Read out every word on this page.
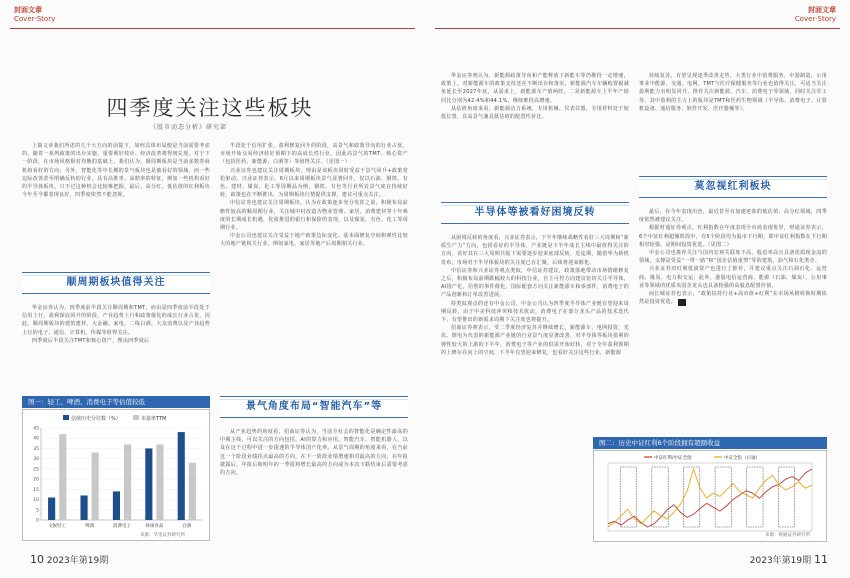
封面文章
Cover·Story
四季度关注这些板块
《股市动态分析》研究部

上篇文章我们所述的几个大方向的前提下，如何具体布局便是当前需要考虑的。随着一系列政策的出台实施，重要利好效应、经济改善将得到兑现。对于下一阶段，在市场风格相对均衡的基础上，我们认为，顺周期板块是当前多数券商机构看好的方向；另外，智能化等中长期的景气板块也是被看好的领域，而一些边际改善甚至明确反转的行业，具有高胜率、高赔率的特征，例如一些机构看好的半导体板块，只不过这种机会比较难把握，最后，高分红、低估值的红利板块今年至今都表现良好，四季度依然不能忽视。

顺周期板块值得关注

华金证券认为，四季度前半段关注顺周期和TMT，而由是四季度前半段处于信用上行、盈利探底回升的阶段，产业趋势上行和政策催化的成长行业占优，因此，顺周期板块的建筑建材、大金融、家电、二线白酒、大众消费以及产业趋势上行的电子、通信、计算机、传媒等值得关注。

四季度后半段关注TMT和核心资产，理由四季度后

图一：轻工、啤酒、消费电子等估值较低
估值历史分位数（%）	市盈率TTM
0
5
10
15
20
25
30
35
40
45
文娱轻工	啤酒	消费电子	休闲食品	白酒
来源：华金证券研究所

半段处于信用扩张、盈利修复回升的阶段，高景气和政策导向的行业占优，市场开始交易经济转好预期下的高成长性行业，因此高景气的TMT、核心资产（包括医药、新能源、白酒等）等值得关注。（见图一）

兴业证券也建议关注周期板块，理由是该板块同时受益于景气回升+政策宽松驱动。兴业证券表示，6月以来周期板块景气显著回升，仅以石油、钢铁、有色、建材、煤炭、化工等周期品为例，钢铁、有色等行业所处景气度在持续好转，政策也在不断推出，为周期板块行情提供支撑，建议可重点关注。

中信证券也建议关注周期板块，认为在政策逐步充分发挥之前，积极布局前瞻性较高的顺周期行业，关注城中村改造为物业管理、家居、消费建材等十年难度的长期成长机遇，化债推进的银行和保险的表现，以及煤炭、有色、化工等周期行业。

中金公司也建议关注受益于地产政策边际变化、基本面修复空间和弹性比较大的地产链相关行业，例如家电、家居等地产后周期相关行业。

景气角度布局“智能汽车”等

从产业趋势的角度看，招商证券认为，当前全社会的智能化是确定性最高的中期主线，可以关注的方向包括，AI的算力和应用、智能汽车、智能机器人，以及在这个过程中进一步提速的半导体国产化率。从景气周期的角度来看，在当前这一个阶段业绩拐点最高的方向，在下一阶段业绩增速相对最高的方向，在年报披露后，年报后和明年的一季报将增长最高的方向或为本次下跌结束后需要考虑的方向。

10 2023年第19期
封面文章
Cover·Story

华金证券则认为，新能源政策导向和产能释放下新能车等仍维持一定增速，政策上，对新能源车的政策支持还在不断出台和落实，新能源汽车车辆购置税减免延长至2027年底，从需求上，新能源车产销两旺，二是新能源车上半年产销同比分别为42.4%和44.1%，继续维持高增速。

从估值角度来看，新能源动力系统，专用机械、仪表仪器，专用材料处于较低位置，具高景气兼具低估值的配置性价比。

半导体等被看好困境反转

从困境反转的角度看，兴业证券表示，下半年继续战略性看好三大周期和“新质生产力”方向，包括看好的半导体，产业链是下半年成长主线中最值得关注的方向，看好其在三大周期共振下需要逐步迎来底部反转，近迄期，随着华为新机发布，市场对于半导体板块的关注度已在汇聚，后续将迎来催化。

中信证券和兴业证券观点类似，中信证券建议，政策落地带动市场情绪修复之后，积极布局前期跌幅较大的科技行业，自主可控方向建议密切关注半导体，AI国产化，信创的事件催化，国际配套方向关注新能源车和零部件，消费电子的产品创新和订单改善进展。

持类似观点的还有中金公司，中金公司认为四季度半导体产业链有望迎来周期反转，由于中美科技冲突和技术扰动，消费电子在部分龙头产品的技术迭代下，有望推出的新需求周期下关注度也将提升。

招商证券则表示，受二季度经济复苏并继续增长，新能源车，电网投资，光伏、锂电为代表的新能源产业链的行业景气度显著改善，对半导体等板块盈利的弹性较大的上游的下半年，消费电子等产业的供需开始好转，对于全年盈利预期的上修存在向上的空间，下半年有望迎来修复，也看好关注这些行业，新能源

持续复苏，有望呈现逐季改善走势，大类行业中消费服务，中游制造，公用事业中能源、交通、电网，TMT与医疗保健服务等行业也值得关注，可适当关注盈利能力有明显回升，推荐关注新能源、汽车、消费电子等领域，同时关注军工等，其中盈利的主力上的板块是TMT和医药生物领域（半导体、消费电子、计算机设备、通信服务、软件开发、医疗器械等）。

莫忽视红利板块

最后，在今年表现出色，最近甚至有加速迹象的低估值、高分红领域，四季度依然被建议关注。

根据财通证券观点，红利指数在年度表现全市场表现优异，财通证券表示，6个中证红利超额阶段中，有5个阶段均为股市下行期，即中证红利指数在下行期相对较强，是期间投资优选。（见图二）

中金公司也推荐关注与国内宏观关联度不高、股息率高且具备优质现金流的领域，支撑是受益“一带一路”和“国企估值重塑”等的建筑、油气和石化类企。

兴业证券对红利低波资产也进行了推荐，并建议重点关注石油石化、运营商、煤炭、电力和交运；此外，港股电信运营商、能源（石油、煤炭）、公用事业等领域的优质央国企龙头也具备较强的高股息配置价值。

而长城证券也表示，“政策扶持行业+高市值+红利”在市场风格转换时期依然是投资优选。 A

图二：历史中证红利6个阶段拥有超额收益
中证红利/中证全指	中证全指（右轴）
来源：财通证券研究所
2023年第19期 11
